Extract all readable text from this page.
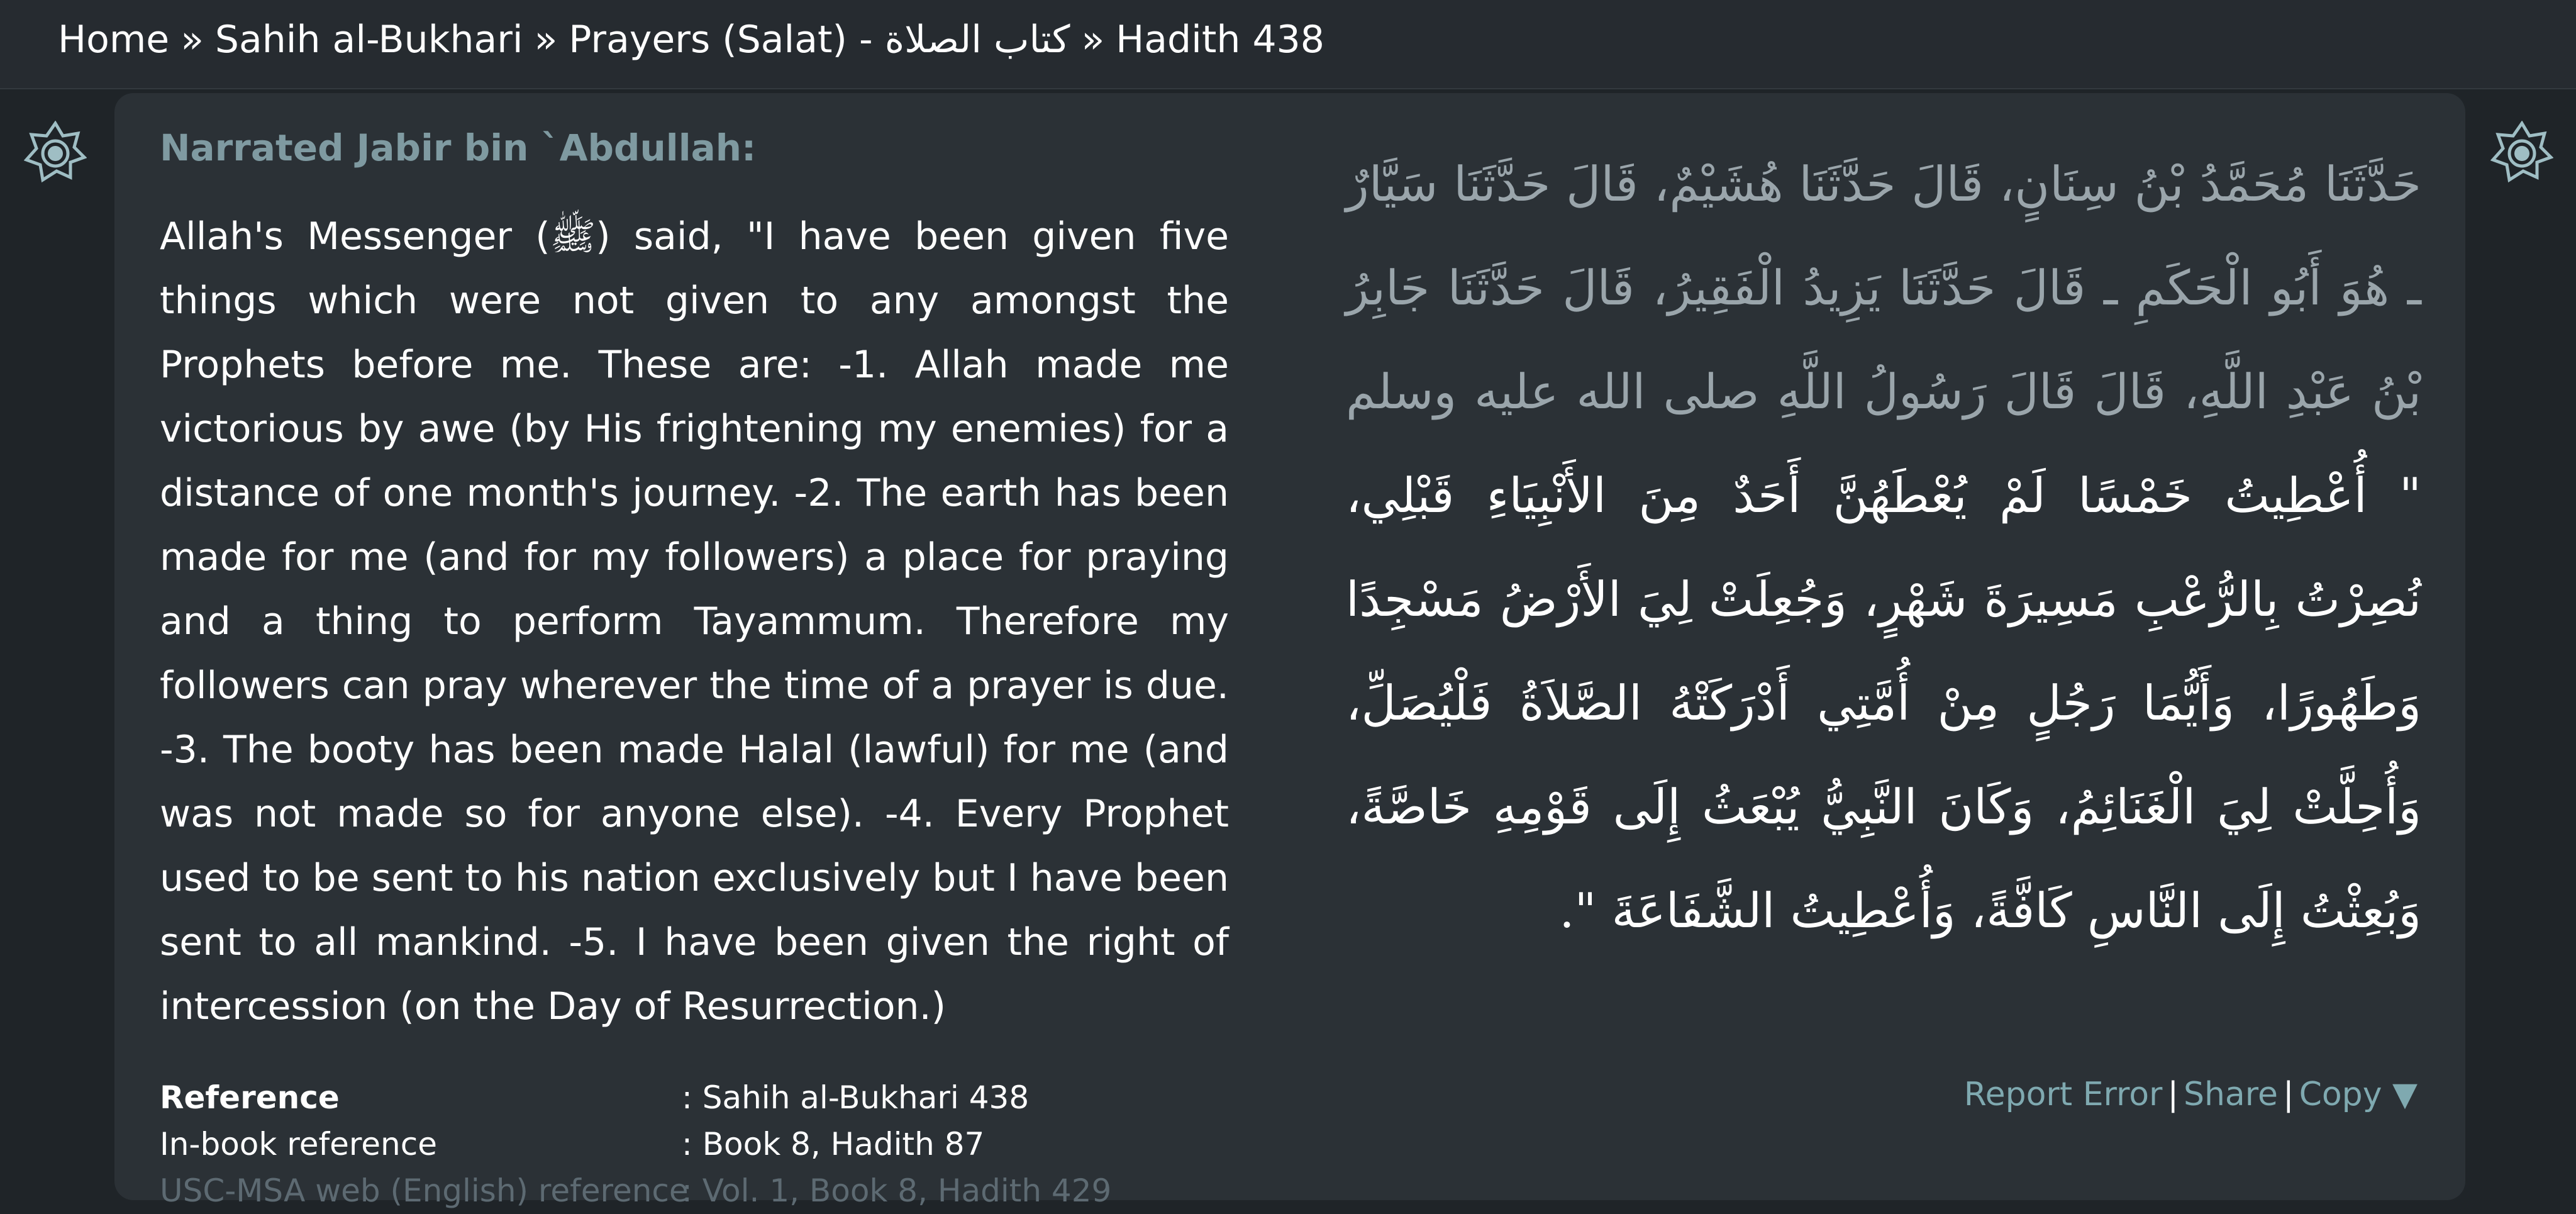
Home » Sahih al-Bukhari » Prayers (Salat) - كتاب الصلاة » Hadith 438
Narrated Jabir bin `Abdullah:
Allah's Messenger (ﷺ) said, "I have been given five things which were not given to any amongst the Prophets before me. These are: -1. Allah made me victorious by awe (by His frightening my enemies) for a distance of one month's journey. -2. The earth has been made for me (and for my followers) a place for praying and a thing to perform Tayammum. Therefore my followers can pray wherever the time of a prayer is due. -3. The booty has been made Halal (lawful) for me (and was not made so for anyone else). -4. Every Prophet used to be sent to his nation exclusively but I have been sent to all mankind. -5. I have been given the right of intercession (on the Day of Resurrection.)
حَدَّثَنَا مُحَمَّدُ بْنُ سِنَانٍ، قَالَ حَدَّثَنَا هُشَيْمٌ، قَالَ حَدَّثَنَا سَيَّارٌ ـ هُوَ أَبُو الْحَكَمِ ـ قَالَ حَدَّثَنَا يَزِيدُ الْفَقِيرُ، قَالَ حَدَّثَنَا جَابِرُ بْنُ عَبْدِ اللَّهِ، قَالَ قَالَ رَسُولُ اللَّهِ صلى الله عليه وسلم " أُعْطِيتُ خَمْسًا لَمْ يُعْطَهُنَّ أَحَدٌ مِنَ الأَنْبِيَاءِ قَبْلِي، نُصِرْتُ بِالرُّعْبِ مَسِيرَةَ شَهْرٍ، وَجُعِلَتْ لِيَ الأَرْضُ مَسْجِدًا وَطَهُورًا، وَأَيُّمَا رَجُلٍ مِنْ أُمَّتِي أَدْرَكَتْهُ الصَّلاَةُ فَلْيُصَلِّ، وَأُحِلَّتْ لِيَ الْغَنَائِمُ، وَكَانَ النَّبِيُّ يُبْعَثُ إِلَى قَوْمِهِ خَاصَّةً، وَبُعِثْتُ إِلَى النَّاسِ كَافَّةً، وَأُعْطِيتُ الشَّفَاعَةَ ".
Reference	: Sahih al-Bukhari 438
In-book reference	: Book 8, Hadith 87
USC-MSA web (English) reference
: Vol. 1, Book 8, Hadith 429
Report Error | Share | Copy ▼
